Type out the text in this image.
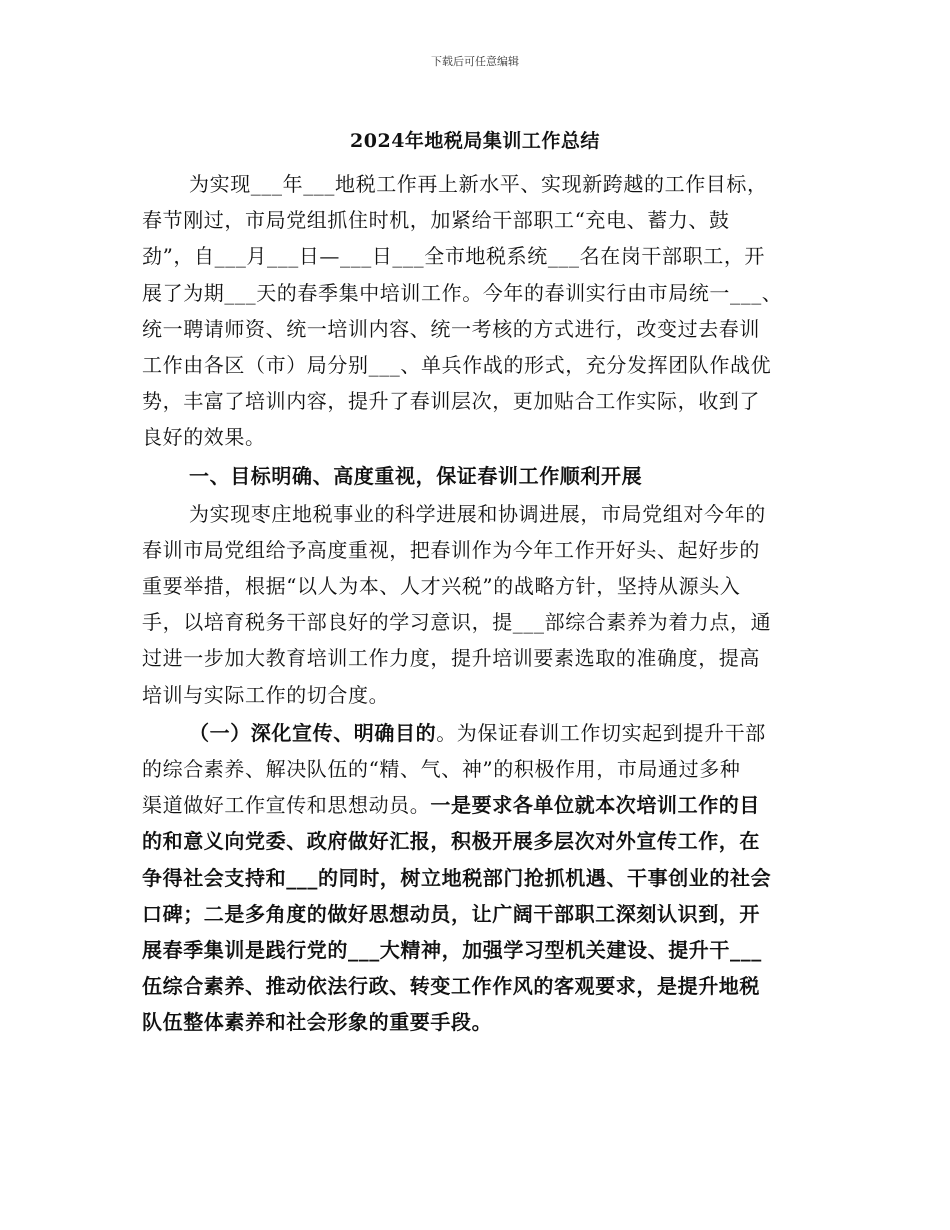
下载后可任意编辑
2024年地税局集训工作总结
为实现___年___地税工作再上新水平、实现新跨越的工作目标，
春节刚过，市局党组抓住时机，加紧给干部职工“充电、蓄力、鼓
劲”，自___月___日—___日___全市地税系统___名在岗干部职工，开
展了为期___天的春季集中培训工作。今年的春训实行由市局统一___、
统一聘请师资、统一培训内容、统一考核的方式进行，改变过去春训
工作由各区（市）局分别___、单兵作战的形式，充分发挥团队作战优
势，丰富了培训内容，提升了春训层次，更加贴合工作实际，收到了
良好的效果。
一、目标明确、高度重视，保证春训工作顺利开展
为实现枣庄地税事业的科学进展和协调进展，市局党组对今年的
春训市局党组给予高度重视，把春训作为今年工作开好头、起好步的
重要举措，根据“以人为本、人才兴税”的战略方针，坚持从源头入
手，以培育税务干部良好的学习意识，提___部综合素养为着力点，通
过进一步加大教育培训工作力度，提升培训要素选取的准确度，提高
培训与实际工作的切合度。
（一）深化宣传、明确目的。为保证春训工作切实起到提升干部
的综合素养、解决队伍的“精、气、神”的积极作用，市局通过多种
渠道做好工作宣传和思想动员。一是要求各单位就本次培训工作的目
的和意义向党委、政府做好汇报，积极开展多层次对外宣传工作，在
争得社会支持和___的同时，树立地税部门抢抓机遇、干事创业的社会
口碑；二是多角度的做好思想动员，让广阔干部职工深刻认识到，开
展春季集训是践行党的___大精神，加强学习型机关建设、提升干___
伍综合素养、推动依法行政、转变工作作风的客观要求，是提升地税
队伍整体素养和社会形象的重要手段。
